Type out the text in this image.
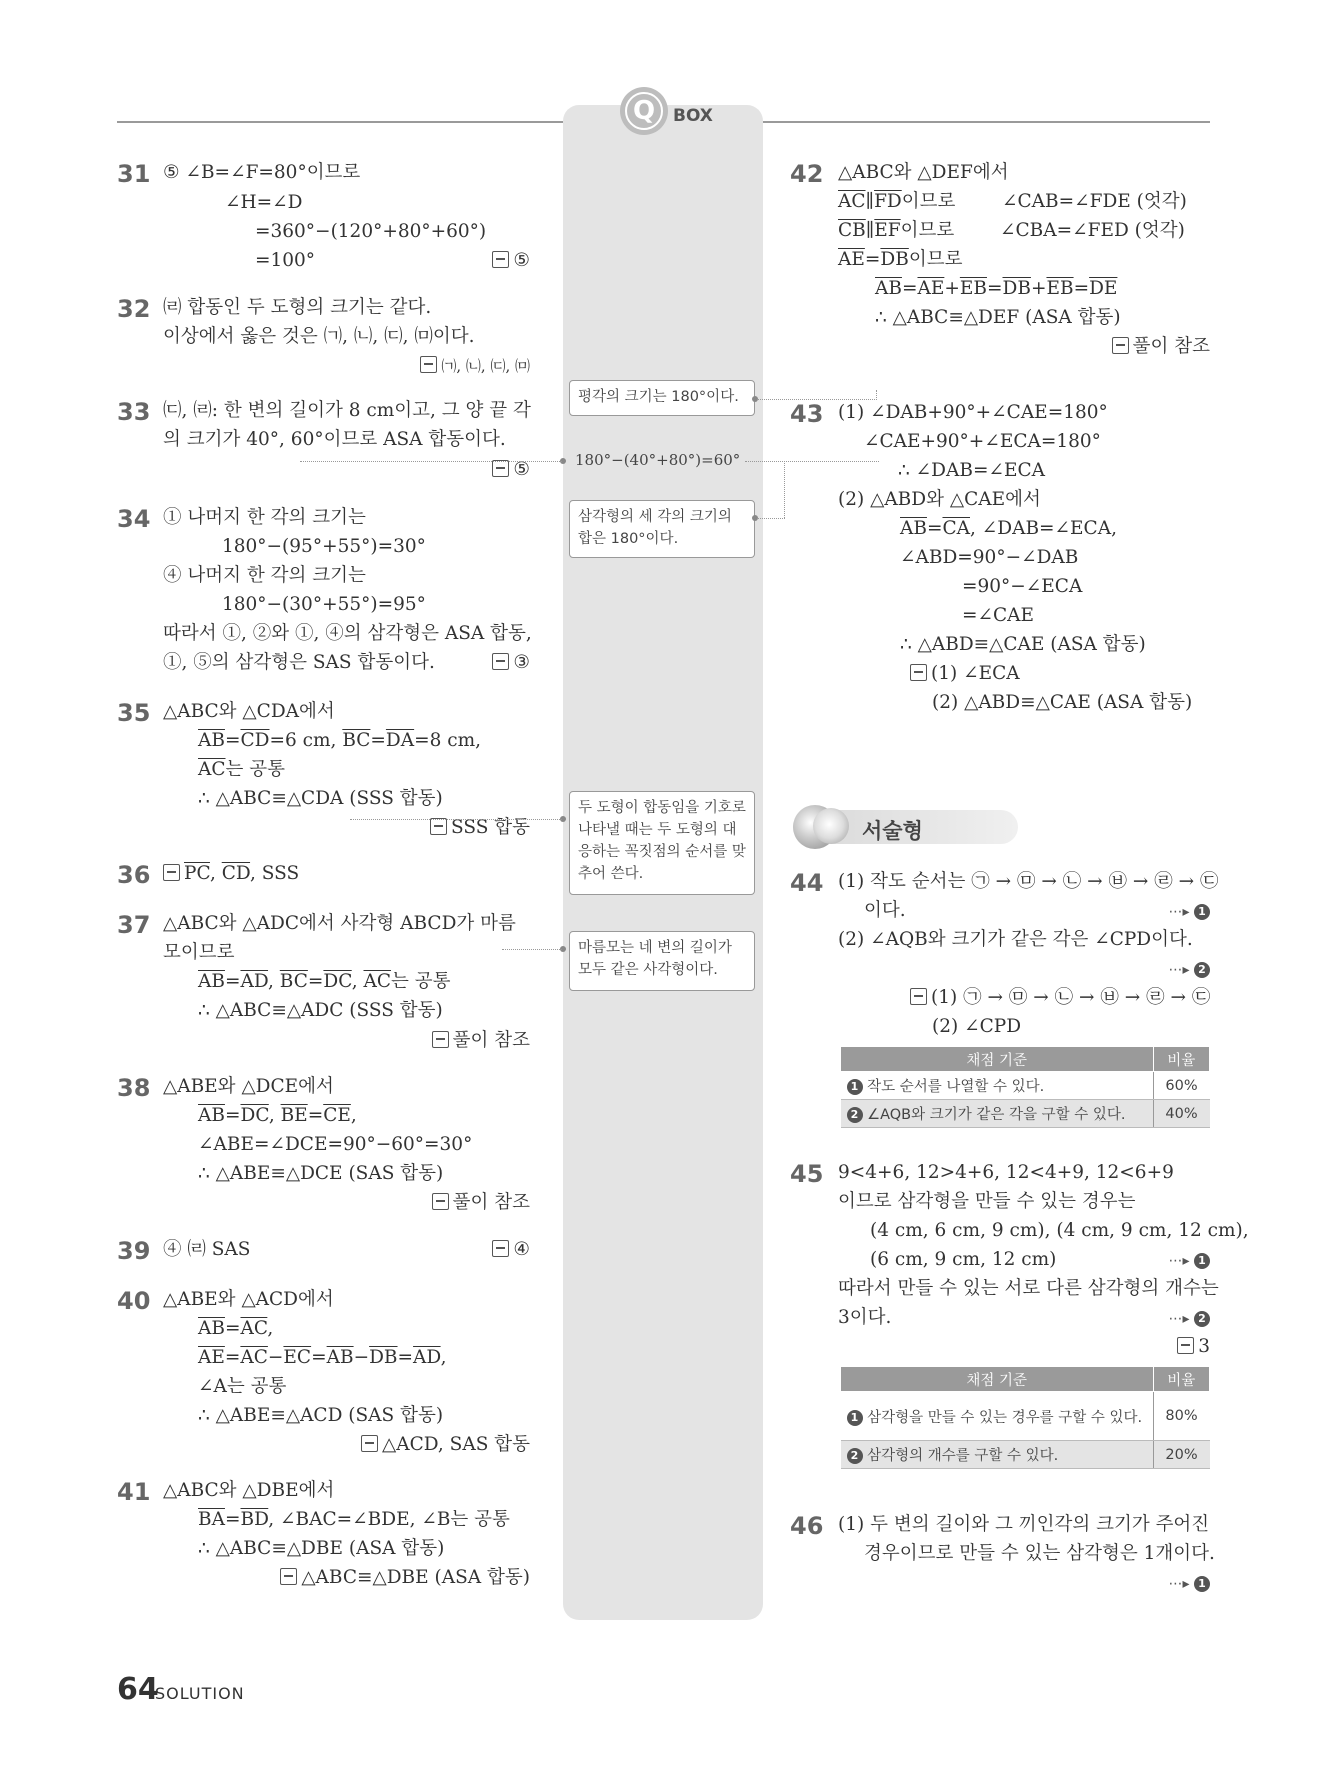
Q	BOX
31 ⑤ ∠B=∠F=80°이므로
∠H=∠D
=360°−(120°+80°+60°)
=100°	⑤
32 ㈃ 합동인 두 도형의 크기는 같다.
이상에서 옳은 것은 ㈀, ㈁, ㈂, ㈄이다.
㈀, ㈁, ㈂, ㈄
33 ㈂, ㈃: 한 변의 길이가 8 cm이고, 그 양 끝 각
의 크기가 40°, 60°이므로 ASA 합동이다.
⑤
34 ① 나머지 한 각의 크기는
180°−(95°+55°)=30°
④ 나머지 한 각의 크기는
180°−(30°+55°)=95°
따라서 ①, ②와 ①, ④의 삼각형은 ASA 합동,
①, ⑤의 삼각형은 SAS 합동이다.	③
35 △ABC와 △CDA에서
$\overline{AB}=\overline{CD}=6$ cm, $\overline{BC}=\overline{DA}=8$ cm,
$\overline{AC}$는 공통
∴ △ABC≡△CDA (SSS 합동)
SSS 합동
36	$\overline{PC}$, $\overline{CD}$, SSS
37 △ABC와 △ADC에서 사각형 ABCD가 마름
모이므로
$\overline{AB}=\overline{AD}$, $\overline{BC}=\overline{DC}$, $\overline{AC}$는 공통
∴ △ABC≡△ADC (SSS 합동)
풀이 참조
38 △ABE와 △DCE에서
$\overline{AB}=\overline{DC}$, $\overline{BE}=\overline{CE}$,
∠ABE=∠DCE=90°−60°=30°
∴ △ABE≡△DCE (SAS 합동)
풀이 참조
39 ④ ㈃ SAS	④
40 △ABE와 △ACD에서
$\overline{AB}=\overline{AC}$,
$\overline{AE}=\overline{AC}-\overline{EC}=\overline{AB}-\overline{DB}=\overline{AD}$,
∠A는 공통
∴ △ABE≡△ACD (SAS 합동)
△ACD, SAS 합동
41 △ABC와 △DBE에서
$\overline{BA}=\overline{BD}$, ∠BAC=∠BDE, ∠B는 공통
∴ △ABC≡△DBE (ASA 합동)
△ABC≡△DBE (ASA 합동)
평각의 크기는 180°이다.
180°−(40°+80°)=60°
삼각형의 세 각의 크기의 합은 180°이다.
두 도형이 합동임을 기호로 나타낼 때는 두 도형의 대응하는 꼭짓점의 순서를 맞추어 쓴다.
마름모는 네 변의 길이가 모두 같은 사각형이다.
42 △ABC와 △DEF에서
$\overline{AC}\parallel\overline{FD}$이므로	∠CAB=∠FDE (엇각)
$\overline{CB}\parallel\overline{EF}$이므로 ∠CBA=∠FED (엇각)
$\overline{AE}=\overline{DB}$이므로
$\overline{AB}=\overline{AE}+\overline{EB}=\overline{DB}+\overline{EB}=\overline{DE}$
∴ △ABC≡△DEF (ASA 합동)
풀이 참조
43 (1) ∠DAB+90°+∠CAE=180°
∠CAE+90°+∠ECA=180°
∴ ∠DAB=∠ECA
(2) △ABD와 △CAE에서
$\overline{AB}=\overline{CA}$, ∠DAB=∠ECA,
∠ABD=90°−∠DAB
=90°−∠ECA
=∠CAE
∴ △ABD≡△CAE (ASA 합동)
(1) ∠ECA
(2) △ABD≡△CAE (ASA 합동)
서술형
44 (1) 작도 순서는 ㉠ → ㉤ → ㉡ → ㉥ → ㉣ → ㉢
이다.	⋯▸ 1
(2) ∠AQB와 크기가 같은 각은 ∠CPD이다.
⋯▸ 2
(1) ㉠ → ㉤ → ㉡ → ㉥ → ㉣ → ㉢
(2) ∠CPD
채점 기준	비율
1 작도 순서를 나열할 수 있다.	60%
2 ∠AQB와 크기가 같은 각을 구할 수 있다.	40%
45 9<4+6, 12>4+6, 12<4+9, 12<6+9
이므로 삼각형을 만들 수 있는 경우는
(4 cm, 6 cm, 9 cm), (4 cm, 9 cm, 12 cm),
(6 cm, 9 cm, 12 cm)	⋯▸ 1
따라서 만들 수 있는 서로 다른 삼각형의 개수는
3이다.	⋯▸ 2
3
채점 기준	비율
1 삼각형을 만들 수 있는 경우를 구할 수 있다.	80%
2 삼각형의 개수를 구할 수 있다.	20%
46 (1) 두 변의 길이와 그 끼인각의 크기가 주어진
경우이므로 만들 수 있는 삼각형은 1개이다.
⋯▸ 1
64
SOLUTION
